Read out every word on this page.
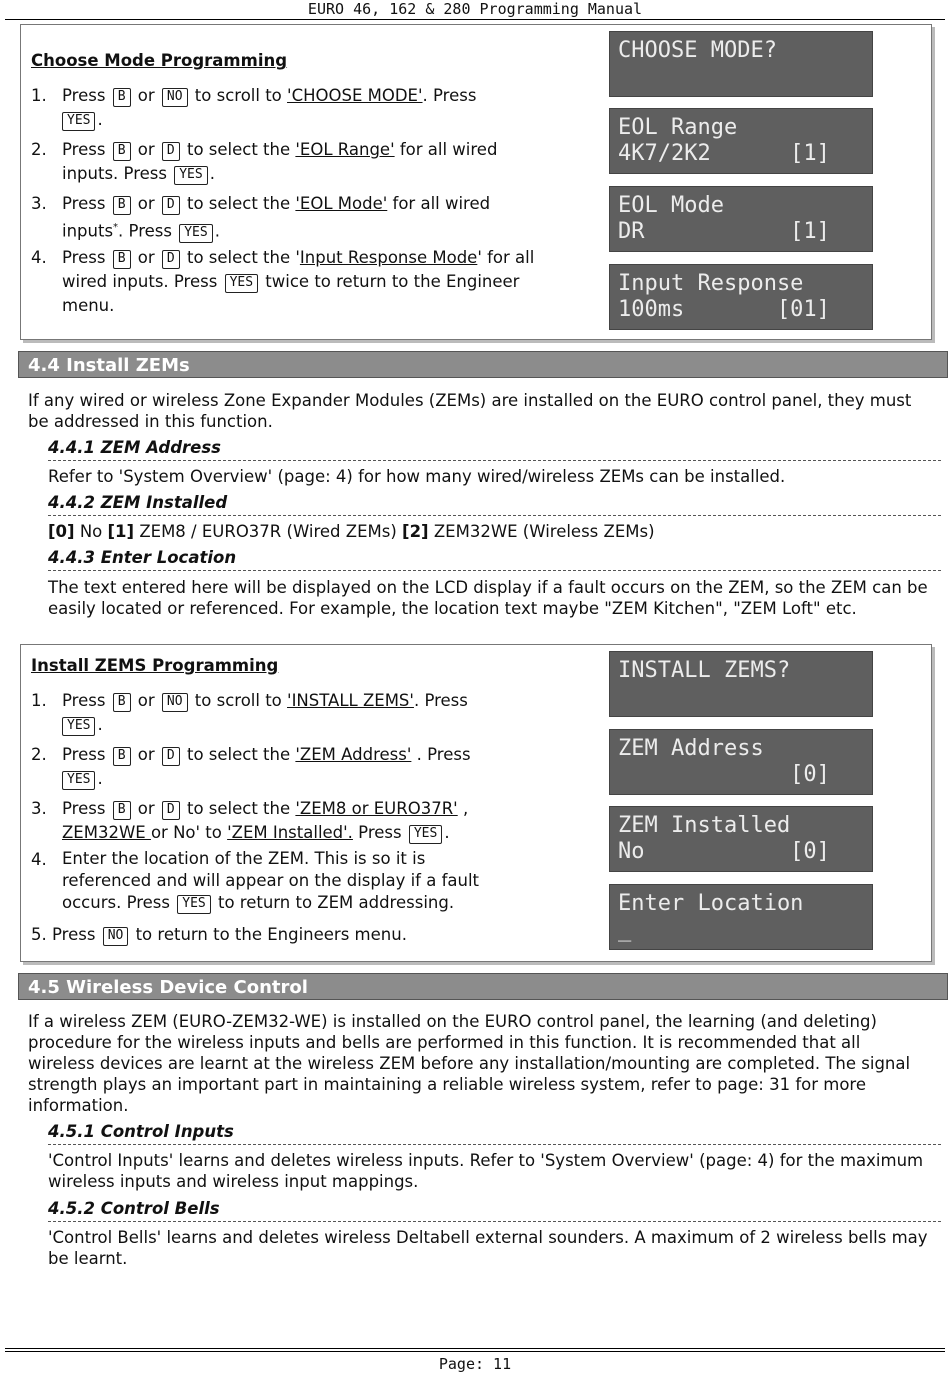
EURO 46, 162 & 280 Programming Manual
Choose Mode Programming
1. Press B or NO to scroll to 'CHOOSE MODE'. Press
YES .
2. Press B or D to select the 'EOL Range' for all wired inputs. Press YES .
3. Press B or D to select the 'EOL Mode' for all wired inputs*. Press YES .
4. Press B or D to select the 'Input Response Mode' for all wired inputs. Press YES twice to return to the Engineer menu.
CHOOSE MODE?
EOL Range
4K7/2K2      [1]
EOL Mode
DR           [1]
Input Response
100ms       [01]
4.4 Install ZEMs
If any wired or wireless Zone Expander Modules (ZEMs) are installed on the EURO control panel, they must be addressed in this function.
4.4.1 ZEM Address
Refer to 'System Overview' (page: 4) for how many wired/wireless ZEMs can be installed.
4.4.2 ZEM Installed
[0] No [1] ZEM8 / EURO37R (Wired ZEMs) [2] ZEM32WE (Wireless ZEMs)
4.4.3 Enter Location
The text entered here will be displayed on the LCD display if a fault occurs on the ZEM, so the ZEM can be easily located or referenced. For example, the location text maybe "ZEM Kitchen", "ZEM Loft" etc.
Install ZEMS Programming
1. Press B or NO to scroll to 'INSTALL ZEMS'. Press
YES .
2. Press B or D to select the 'ZEM Address' . Press
YES .
3. Press B or D to select the 'ZEM8 or EURO37R' ,
ZEM32WE or No' to 'ZEM Installed'. Press YES .
4. Enter the location of the ZEM. This is so it is referenced and will appear on the display if a fault occurs. Press YES to return to ZEM addressing.
5. Press NO to return to the Engineers menu.
INSTALL ZEMS?
ZEM Address
[0]
ZEM Installed
No           [0]
Enter Location
_
4.5 Wireless Device Control
If a wireless ZEM (EURO-ZEM32-WE) is installed on the EURO control panel, the learning (and deleting) procedure for the wireless inputs and bells are performed in this function. It is recommended that all wireless devices are learnt at the wireless ZEM before any installation/mounting are completed. The signal strength plays an important part in maintaining a reliable wireless system, refer to page: 31 for more information.
4.5.1 Control Inputs
'Control Inputs' learns and deletes wireless inputs. Refer to 'System Overview' (page: 4) for the maximum wireless inputs and wireless input mappings.
4.5.2 Control Bells
'Control Bells' learns and deletes wireless Deltabell external sounders. A maximum of 2 wireless bells may be learnt.
Page: 11
